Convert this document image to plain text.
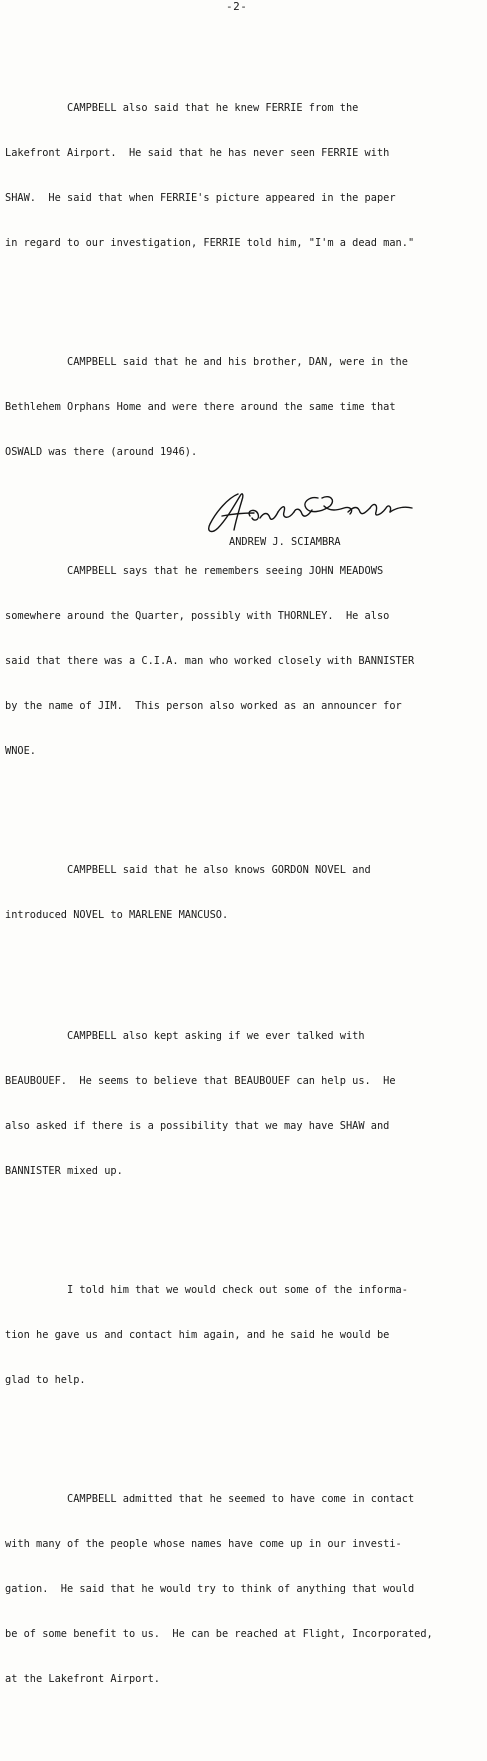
-2-

CAMPBELL also said that he knew FERRIE from the

Lakefront Airport.  He said that he has never seen FERRIE with

SHAW.  He said that when FERRIE's picture appeared in the paper

in regard to our investigation, FERRIE told him, "I'm a dead man."

CAMPBELL said that he and his brother, DAN, were in the

Bethlehem Orphans Home and were there around the same time that

OSWALD was there (around 1946).

CAMPBELL says that he remembers seeing JOHN MEADOWS

somewhere around the Quarter, possibly with THORNLEY.  He also

said that there was a C.I.A. man who worked closely with BANNISTER

by the name of JIM.  This person also worked as an announcer for

WNOE.

CAMPBELL said that he also knows GORDON NOVEL and

introduced NOVEL to MARLENE MANCUSO.

CAMPBELL also kept asking if we ever talked with

BEAUBOUEF.  He seems to believe that BEAUBOUEF can help us.  He

also asked if there is a possibility that we may have SHAW and

BANNISTER mixed up.

I told him that we would check out some of the informa-

tion he gave us and contact him again, and he said he would be

glad to help.

CAMPBELL admitted that he seemed to have come in contact

with many of the people whose names have come up in our investi-

gation.  He said that he would try to think of anything that would

be of some benefit to us.  He can be reached at Flight, Incorporated,

at the Lakefront Airport.

ANDREW J. SCIAMBRA
